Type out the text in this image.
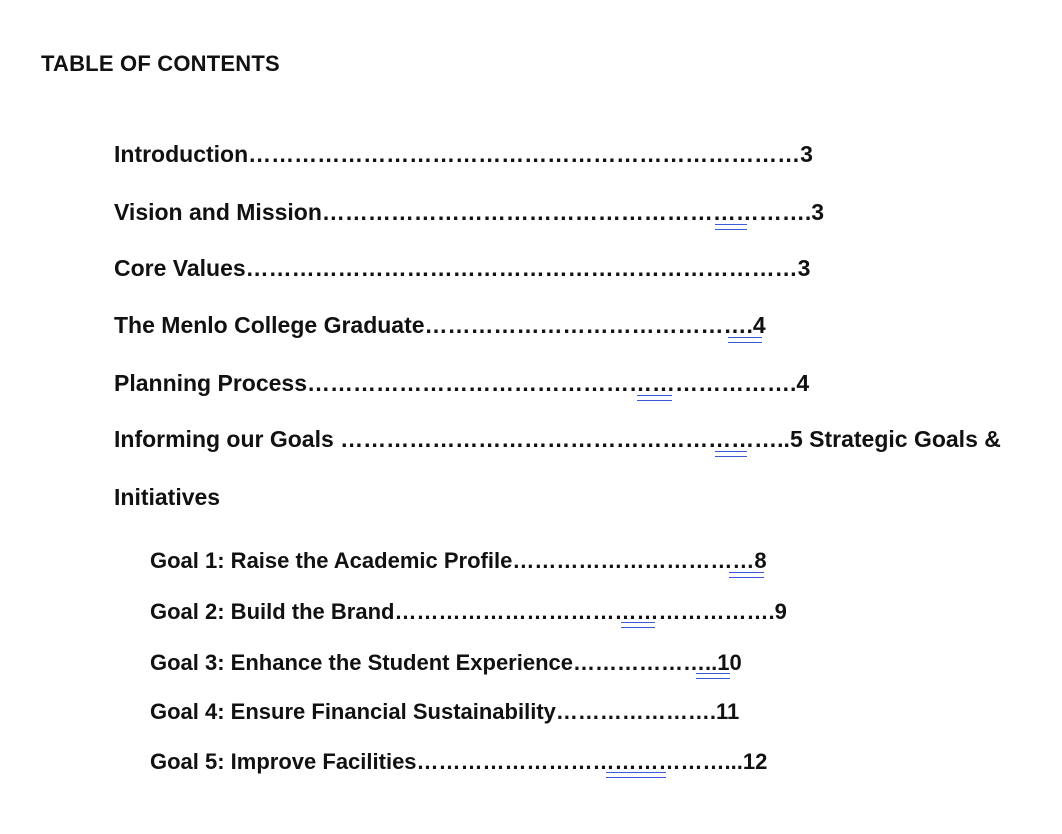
TABLE OF CONTENTS
Introduction………………………………………………………………3
Vision and Mission……………………………………………………….3
Core Values………………………………………………………………3
The Menlo College Graduate…………………………………….4
Planning Process……………………………………………………….4
Informing our Goals …………………………………………………..5 Strategic Goals &
Initiatives
Goal 1: Raise the Academic Profile……………………………8
Goal 2: Build the Brand…………………………………………….9
Goal 3: Enhance the Student Experience………………..10
Goal 4: Ensure Financial Sustainability………………….11
Goal 5: Improve Facilities……………………………………...12
